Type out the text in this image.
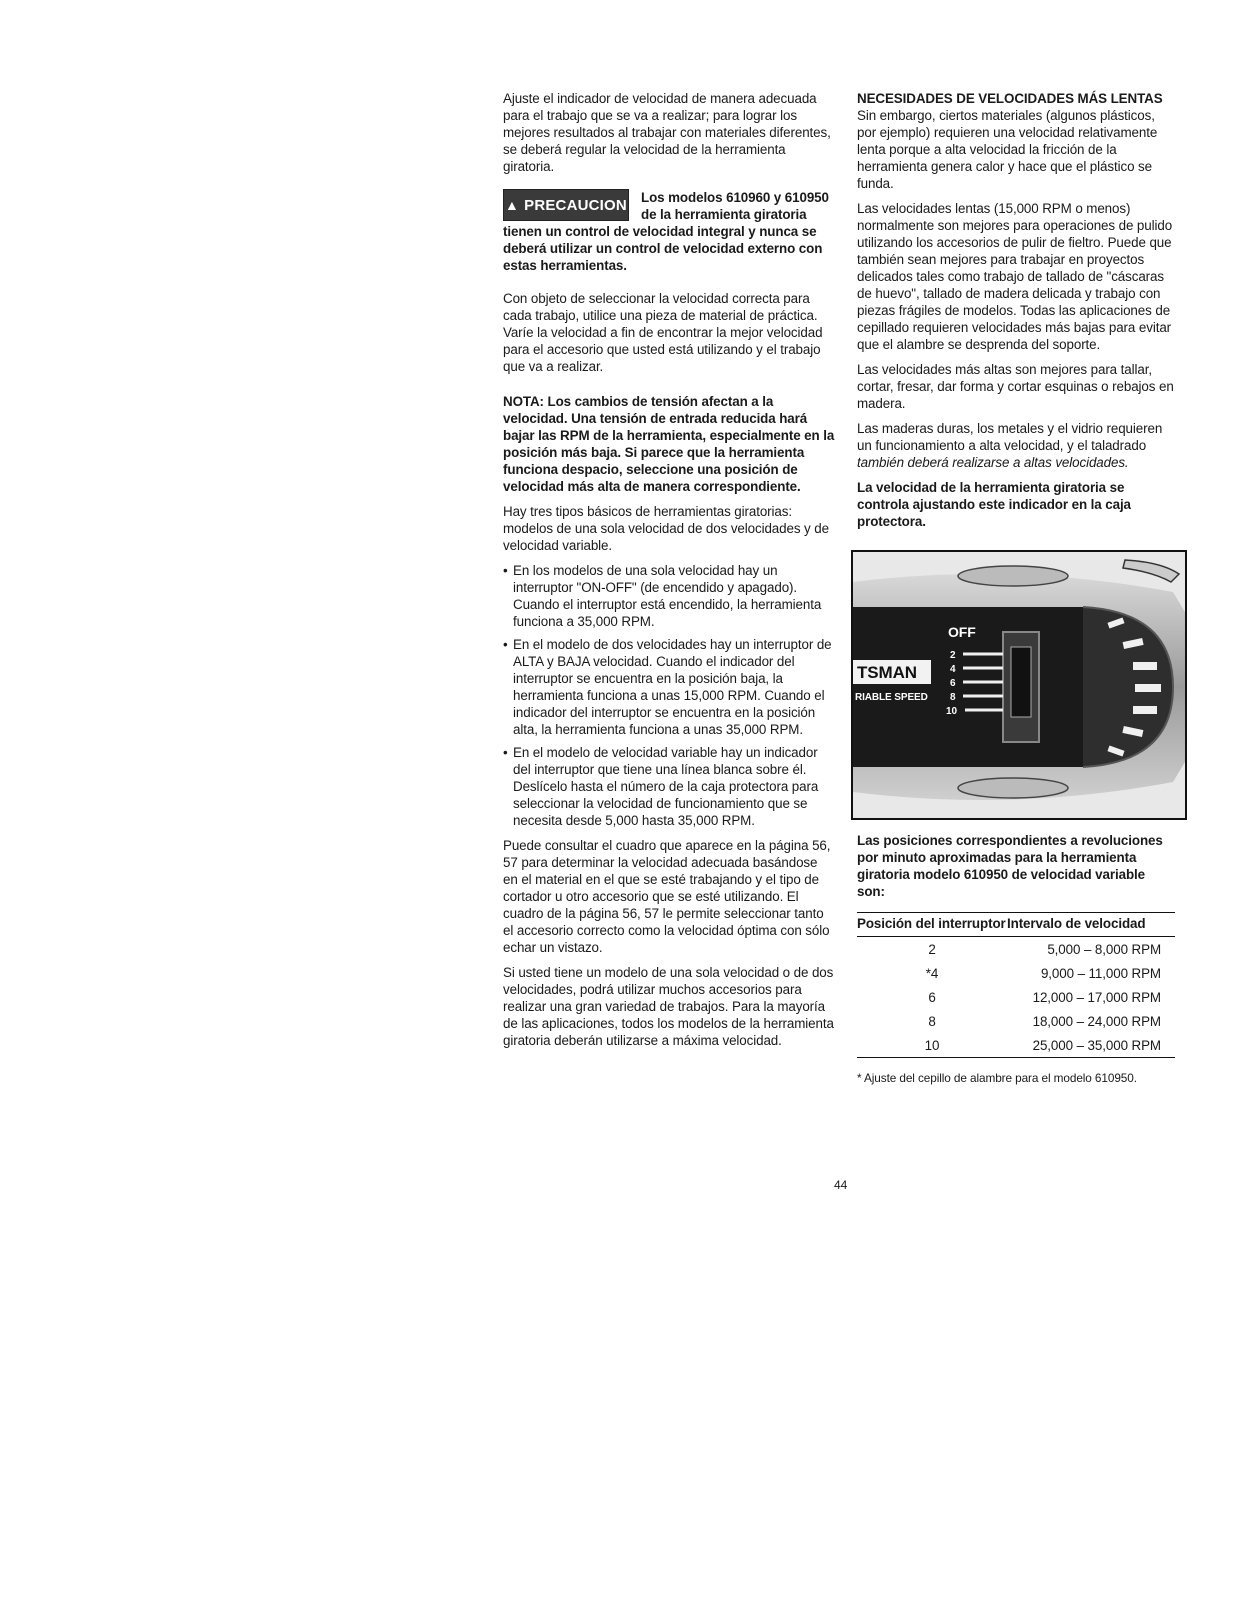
Ajuste el indicador de velocidad de manera adecuada para el trabajo que se va a realizar; para lograr los mejores resultados al trabajar con materiales diferentes, se deberá regular la velocidad de la herramienta giratoria.

▲ PRECAUCION	Los modelos 610960 y 610950 de la herramienta giratoria tienen un control de velocidad integral y nunca se deberá utilizar un control de velocidad externo con estas herramientas.

Con objeto de seleccionar la velocidad correcta para cada trabajo, utilice una pieza de material de práctica. Varíe la velocidad a fin de encontrar la mejor velocidad para el accesorio que usted está utilizando y el trabajo que va a realizar.

NOTA: Los cambios de tensión afectan a la velocidad. Una tensión de entrada reducida hará bajar las RPM de la herramienta, especialmente en la posición más baja. Si parece que la herramienta funciona despacio, seleccione una posición de velocidad más alta de manera correspondiente.

Hay tres tipos básicos de herramientas giratorias: modelos de una sola velocidad de dos velocidades y de velocidad variable.

• En los modelos de una sola velocidad hay un interruptor "ON-OFF" (de encendido y apagado). Cuando el interruptor está encendido, la herramienta funciona a 35,000 RPM.
• En el modelo de dos velocidades hay un interruptor de ALTA y BAJA velocidad. Cuando el indicador del interruptor se encuentra en la posición baja, la herramienta funciona a unas 15,000 RPM. Cuando el indicador del interruptor se encuentra en la posición alta, la herramienta funciona a unas 35,000 RPM.
• En el modelo de velocidad variable hay un indicador del interruptor que tiene una línea blanca sobre él. Deslícelo hasta el número de la caja protectora para seleccionar la velocidad de funcionamiento que se necesita desde 5,000 hasta 35,000 RPM.

Puede consultar el cuadro que aparece en la página 56, 57 para determinar la velocidad adecuada basándose en el material en el que se esté trabajando y el tipo de cortador u otro accesorio que se esté utilizando. El cuadro de la página 56, 57 le permite seleccionar tanto el accesorio correcto como la velocidad óptima con sólo echar un vistazo.

Si usted tiene un modelo de una sola velocidad o de dos velocidades, podrá utilizar muchos accesorios para realizar una gran variedad de trabajos. Para la mayoría de las aplicaciones, todos los modelos de la herramienta giratoria deberán utilizarse a máxima velocidad.

NECESIDADES DE VELOCIDADES MÁS LENTAS

Sin embargo, ciertos materiales (algunos plásticos, por ejemplo) requieren una velocidad relativamente lenta porque a alta velocidad la fricción de la herramienta genera calor y hace que el plástico se funda.

Las velocidades lentas (15,000 RPM o menos) normalmente son mejores para operaciones de pulido utilizando los accesorios de pulir de fieltro. Puede que también sean mejores para trabajar en proyectos delicados tales como trabajo de tallado de "cáscaras de huevo", tallado de madera delicada y trabajo con piezas frágiles de modelos. Todas las aplicaciones de cepillado requieren velocidades más bajas para evitar que el alambre se desprenda del soporte.

Las velocidades más altas son mejores para tallar, cortar, fresar, dar forma y cortar esquinas o rebajos en madera.

Las maderas duras, los metales y el vidrio requieren un funcionamiento a alta velocidad, y el taladrado también deberá realizarse a altas velocidades.

La velocidad de la herramienta giratoria se controla ajustando este indicador en la caja protectora.

OFF
2
4
6
8
10
TSMAN
RIABLE SPEED

Las posiciones correspondientes a revoluciones por minuto aproximadas para la herramienta giratoria modelo 610950 de velocidad variable son:

Posición del interruptor	Intervalo de velocidad
2	5,000 – 8,000 RPM
*4	9,000 – 11,000 RPM
6	12,000 – 17,000 RPM
8	18,000 – 24,000 RPM
10	25,000 – 35,000 RPM

* Ajuste del cepillo de alambre para el modelo 610950.

44
